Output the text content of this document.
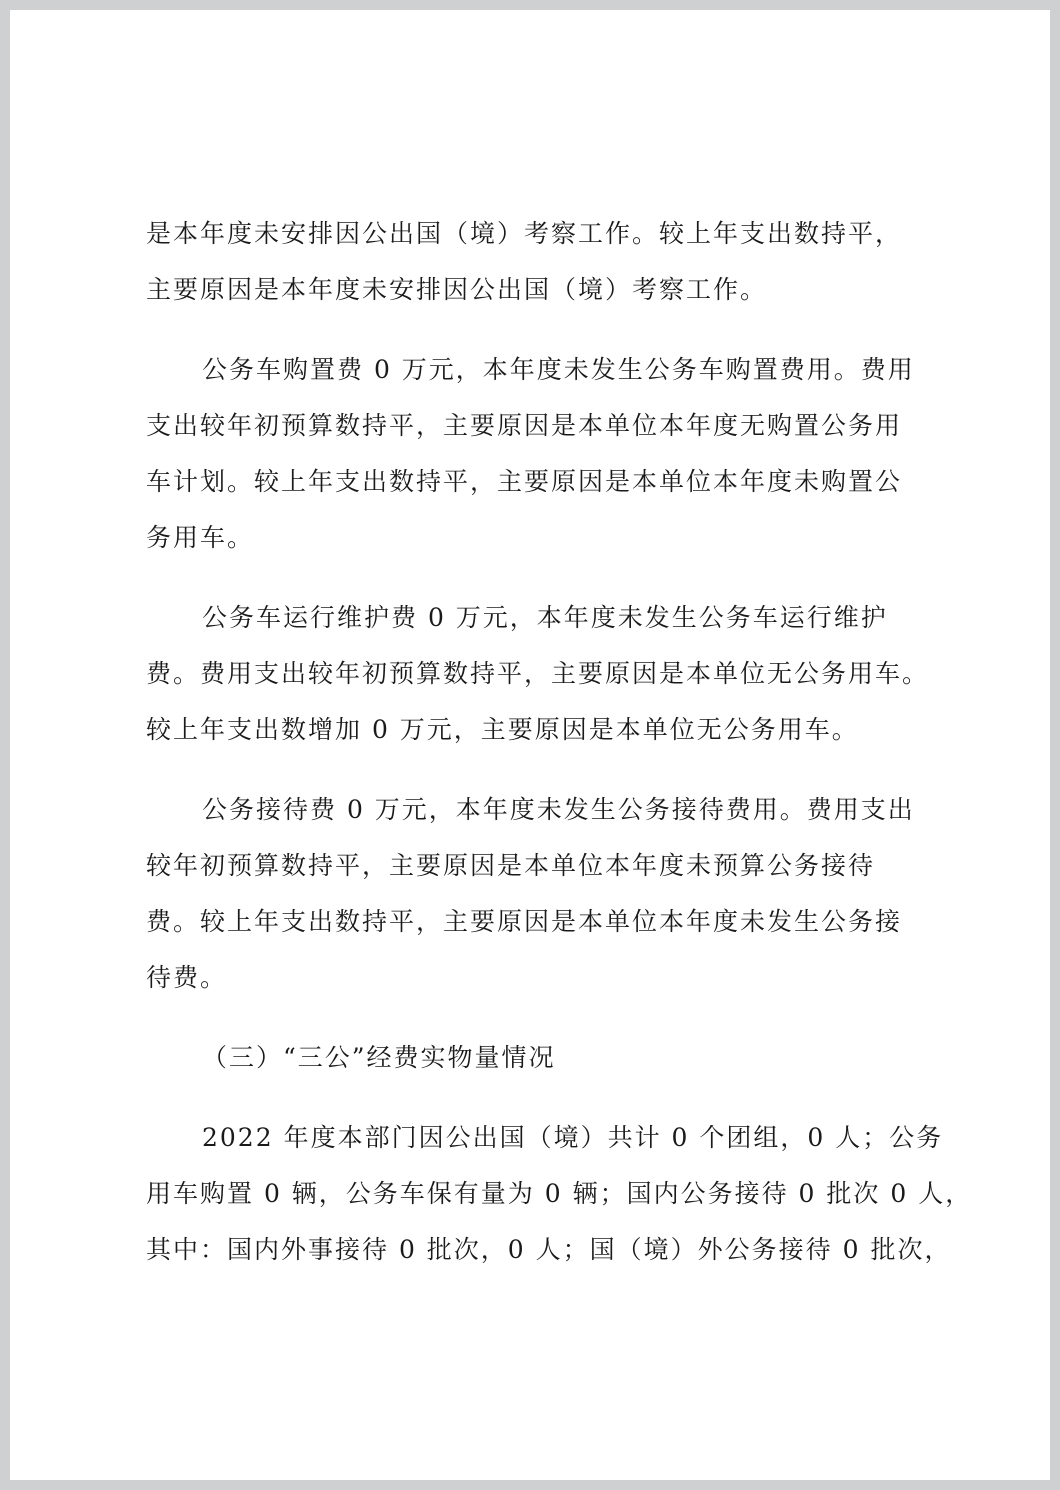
是本年度未安排因公出国（境）考察工作。较上年支出数持平，
主要原因是本年度未安排因公出国（境）考察工作。
公务车购置费 0 万元，本年度未发生公务车购置费用。费用
支出较年初预算数持平，主要原因是本单位本年度无购置公务用
车计划。较上年支出数持平，主要原因是本单位本年度未购置公
务用车。
公务车运行维护费 0 万元，本年度未发生公务车运行维护
费。费用支出较年初预算数持平，主要原因是本单位无公务用车。
较上年支出数增加 0 万元，主要原因是本单位无公务用车。
公务接待费 0 万元，本年度未发生公务接待费用。费用支出
较年初预算数持平，主要原因是本单位本年度未预算公务接待
费。较上年支出数持平，主要原因是本单位本年度未发生公务接
待费。
（三）“三公”经费实物量情况
2022 年度本部门因公出国（境）共计 0 个团组，0 人；公务
用车购置 0 辆，公务车保有量为 0 辆；国内公务接待 0 批次 0 人，
其中：国内外事接待 0 批次，0 人；国（境）外公务接待 0 批次，
